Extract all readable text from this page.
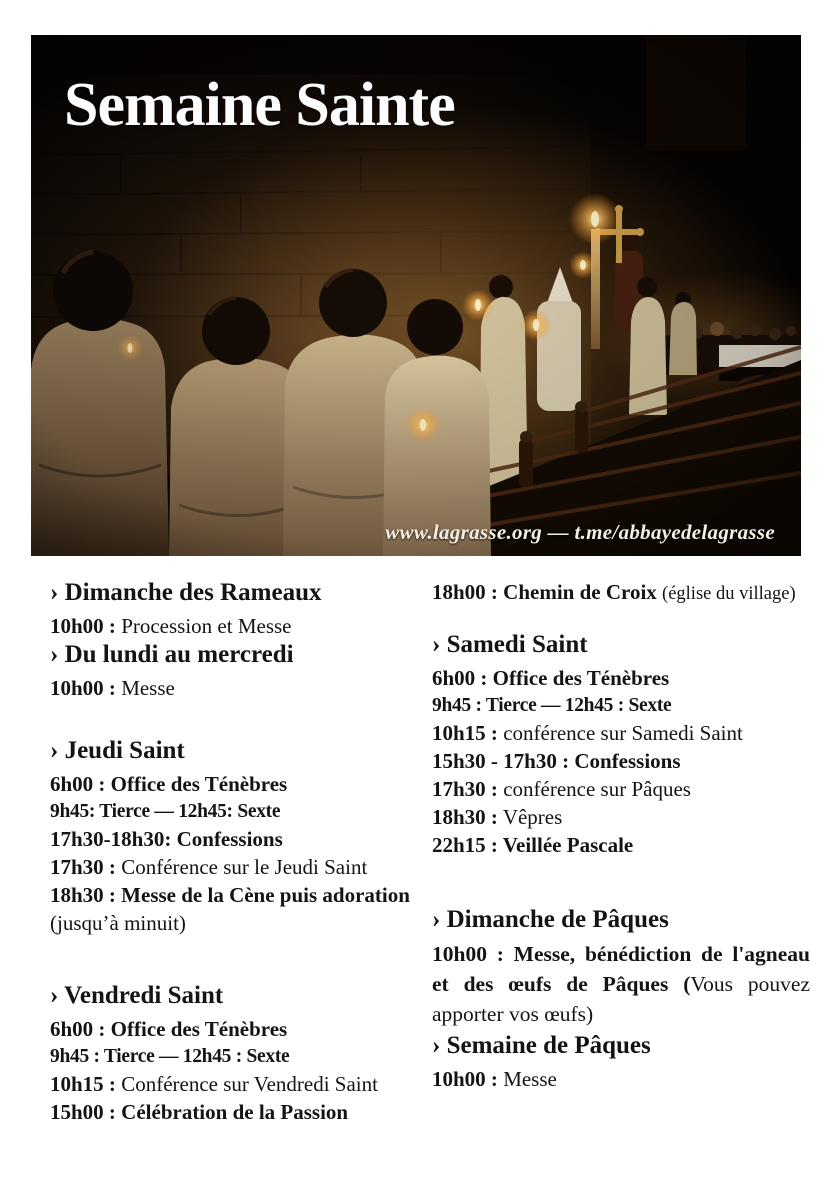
Semaine Sainte
www.lagrasse.org — t.me/abbayedelagrasse
› Dimanche des Rameaux
10h00 : Procession et Messe
› Du lundi au mercredi
10h00 : Messe
› Jeudi Saint
6h00 : Office des Ténèbres
9h45: Tierce — 12h45: Sexte
17h30-18h30: Confessions
17h30 : Conférence sur le Jeudi Saint
18h30 : Messe de la Cène puis adoration (jusqu’à minuit)
› Vendredi Saint
6h00 : Office des Ténèbres
9h45 : Tierce — 12h45 : Sexte
10h15 : Conférence sur Vendredi Saint
15h00 : Célébration de la Passion
18h00 : Chemin de Croix (église du village)
› Samedi Saint
6h00 : Office des Ténèbres
9h45 : Tierce — 12h45 : Sexte
10h15 : conférence sur Samedi Saint
15h30 - 17h30 : Confessions
17h30 : conférence sur Pâques
18h30 : Vêpres
22h15 : Veillée Pascale
› Dimanche de Pâques
10h00 : Messe, bénédiction de l'agneau et des œufs de Pâques (Vous pouvez apporter vos œufs)
› Semaine de Pâques
10h00 : Messe
